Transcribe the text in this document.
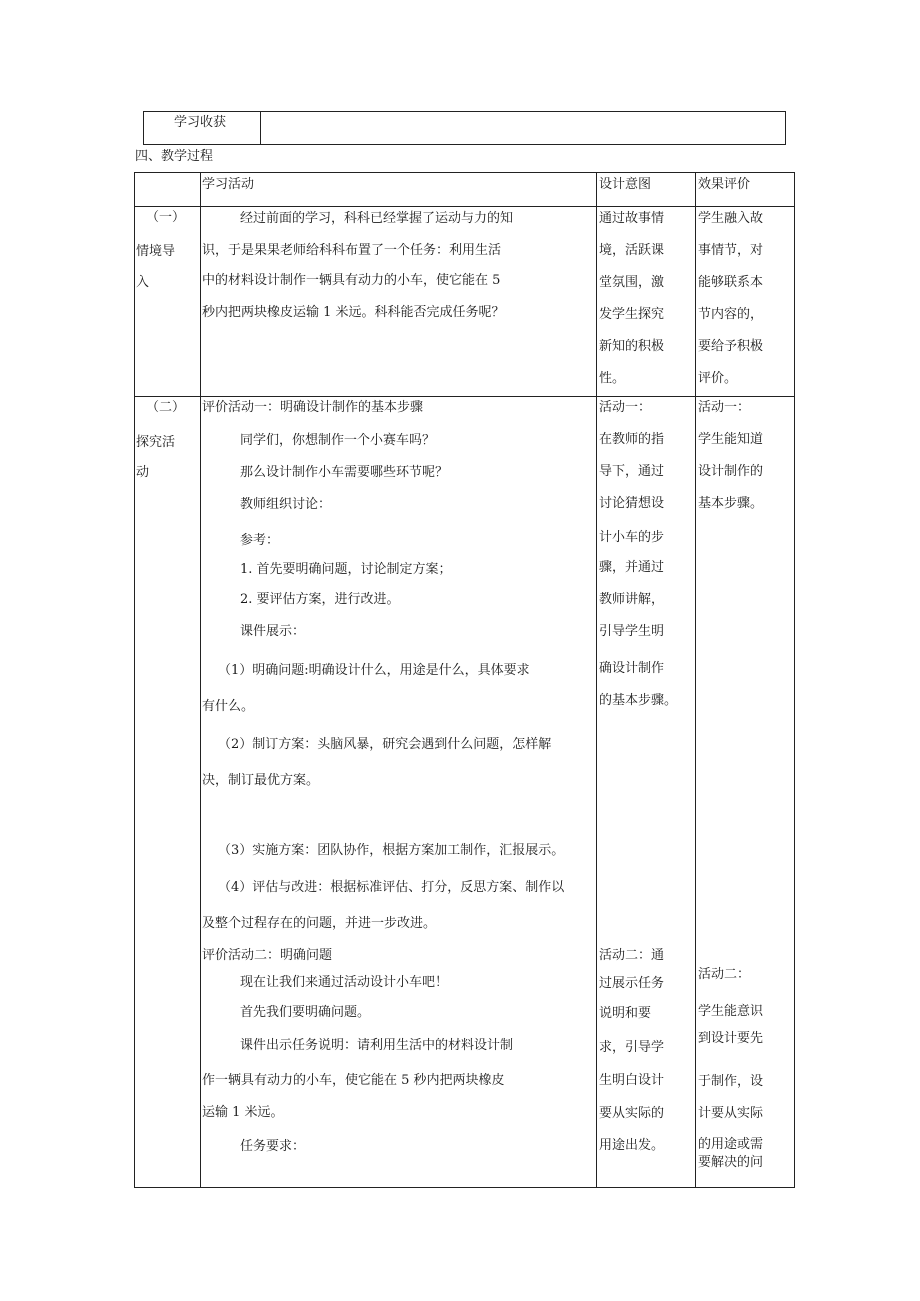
学习收获
四、教学过程
学习活动	设计意图	效果评价
（一）
情境导
入
经过前面的学习，科科已经掌握了运动与力的知
识，于是果果老师给科科布置了一个任务：利用生活
中的材料设计制作一辆具有动力的小车，使它能在 5
秒内把两块橡皮运输 1 米远。科科能否完成任务呢？
通过故事情
境，活跃课
堂氛围，激
发学生探究
新知的积极
性。
学生融入故
事情节，对
能够联系本
节内容的，
要给予积极
评价。
（二）
探究活
动
评价活动一：明确设计制作的基本步骤
同学们，你想制作一个小赛车吗？
那么设计制作小车需要哪些环节呢？
教师组织讨论：
参考：
1. 首先要明确问题，讨论制定方案；
2. 要评估方案，进行改进。
课件展示：
（1）明确问题:明确设计什么，用途是什么，具体要求
有什么。
（2）制订方案：头脑风暴，研究会遇到什么问题，怎样解
决，制订最优方案。
（3）实施方案：团队协作，根据方案加工制作，汇报展示。
（4）评估与改进：根据标准评估、打分，反思方案、制作以
及整个过程存在的问题，并进一步改进。
评价活动二：明确问题
现在让我们来通过活动设计小车吧！
首先我们要明确问题。
课件出示任务说明：请利用生活中的材料设计制
作一辆具有动力的小车，使它能在 5 秒内把两块橡皮
运输 1 米远。
任务要求：
活动一：
在教师的指
导下，通过
讨论猜想设
计小车的步
骤，并通过
教师讲解，
引导学生明
确设计制作
的基本步骤。
活动二：通
过展示任务
说明和要
求，引导学
生明白设计
要从实际的
用途出发。
活动一：
学生能知道
设计制作的
基本步骤。
活动二：
学生能意识
到设计要先
于制作，设
计要从实际
的用途或需
要解决的问
